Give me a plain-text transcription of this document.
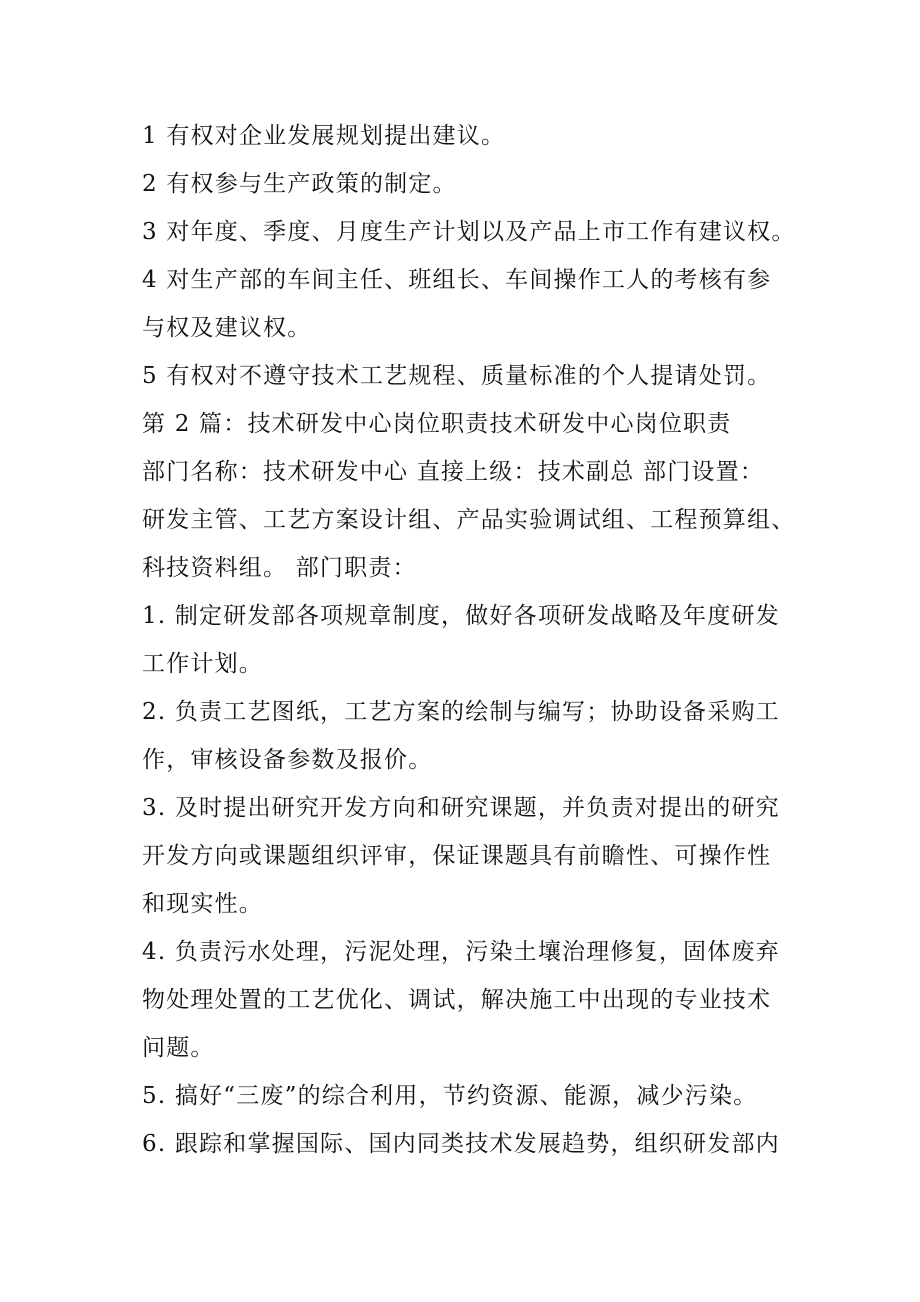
1 有权对企业发展规划提出建议。
2 有权参与生产政策的制定。
3 对年度、季度、月度生产计划以及产品上市工作有建议权。
4 对生产部的车间主任、班组长、车间操作工人的考核有参
与权及建议权。
5 有权对不遵守技术工艺规程、质量标准的个人提请处罚。
第 2 篇：技术研发中心岗位职责技术研发中心岗位职责
部门名称：技术研发中心 直接上级：技术副总 部门设置：
研发主管、工艺方案设计组、产品实验调试组、工程预算组、
科技资料组。 部门职责：
1. 制定研发部各项规章制度，做好各项研发战略及年度研发
工作计划。
2. 负责工艺图纸，工艺方案的绘制与编写；协助设备采购工
作，审核设备参数及报价。
3. 及时提出研究开发方向和研究课题，并负责对提出的研究
开发方向或课题组织评审，保证课题具有前瞻性、可操作性
和现实性。
4. 负责污水处理，污泥处理，污染土壤治理修复，固体废弃
物处理处置的工艺优化、调试，解决施工中出现的专业技术
问题。
5. 搞好“三废”的综合利用，节约资源、能源，减少污染。
6. 跟踪和掌握国际、国内同类技术发展趋势，组织研发部内
